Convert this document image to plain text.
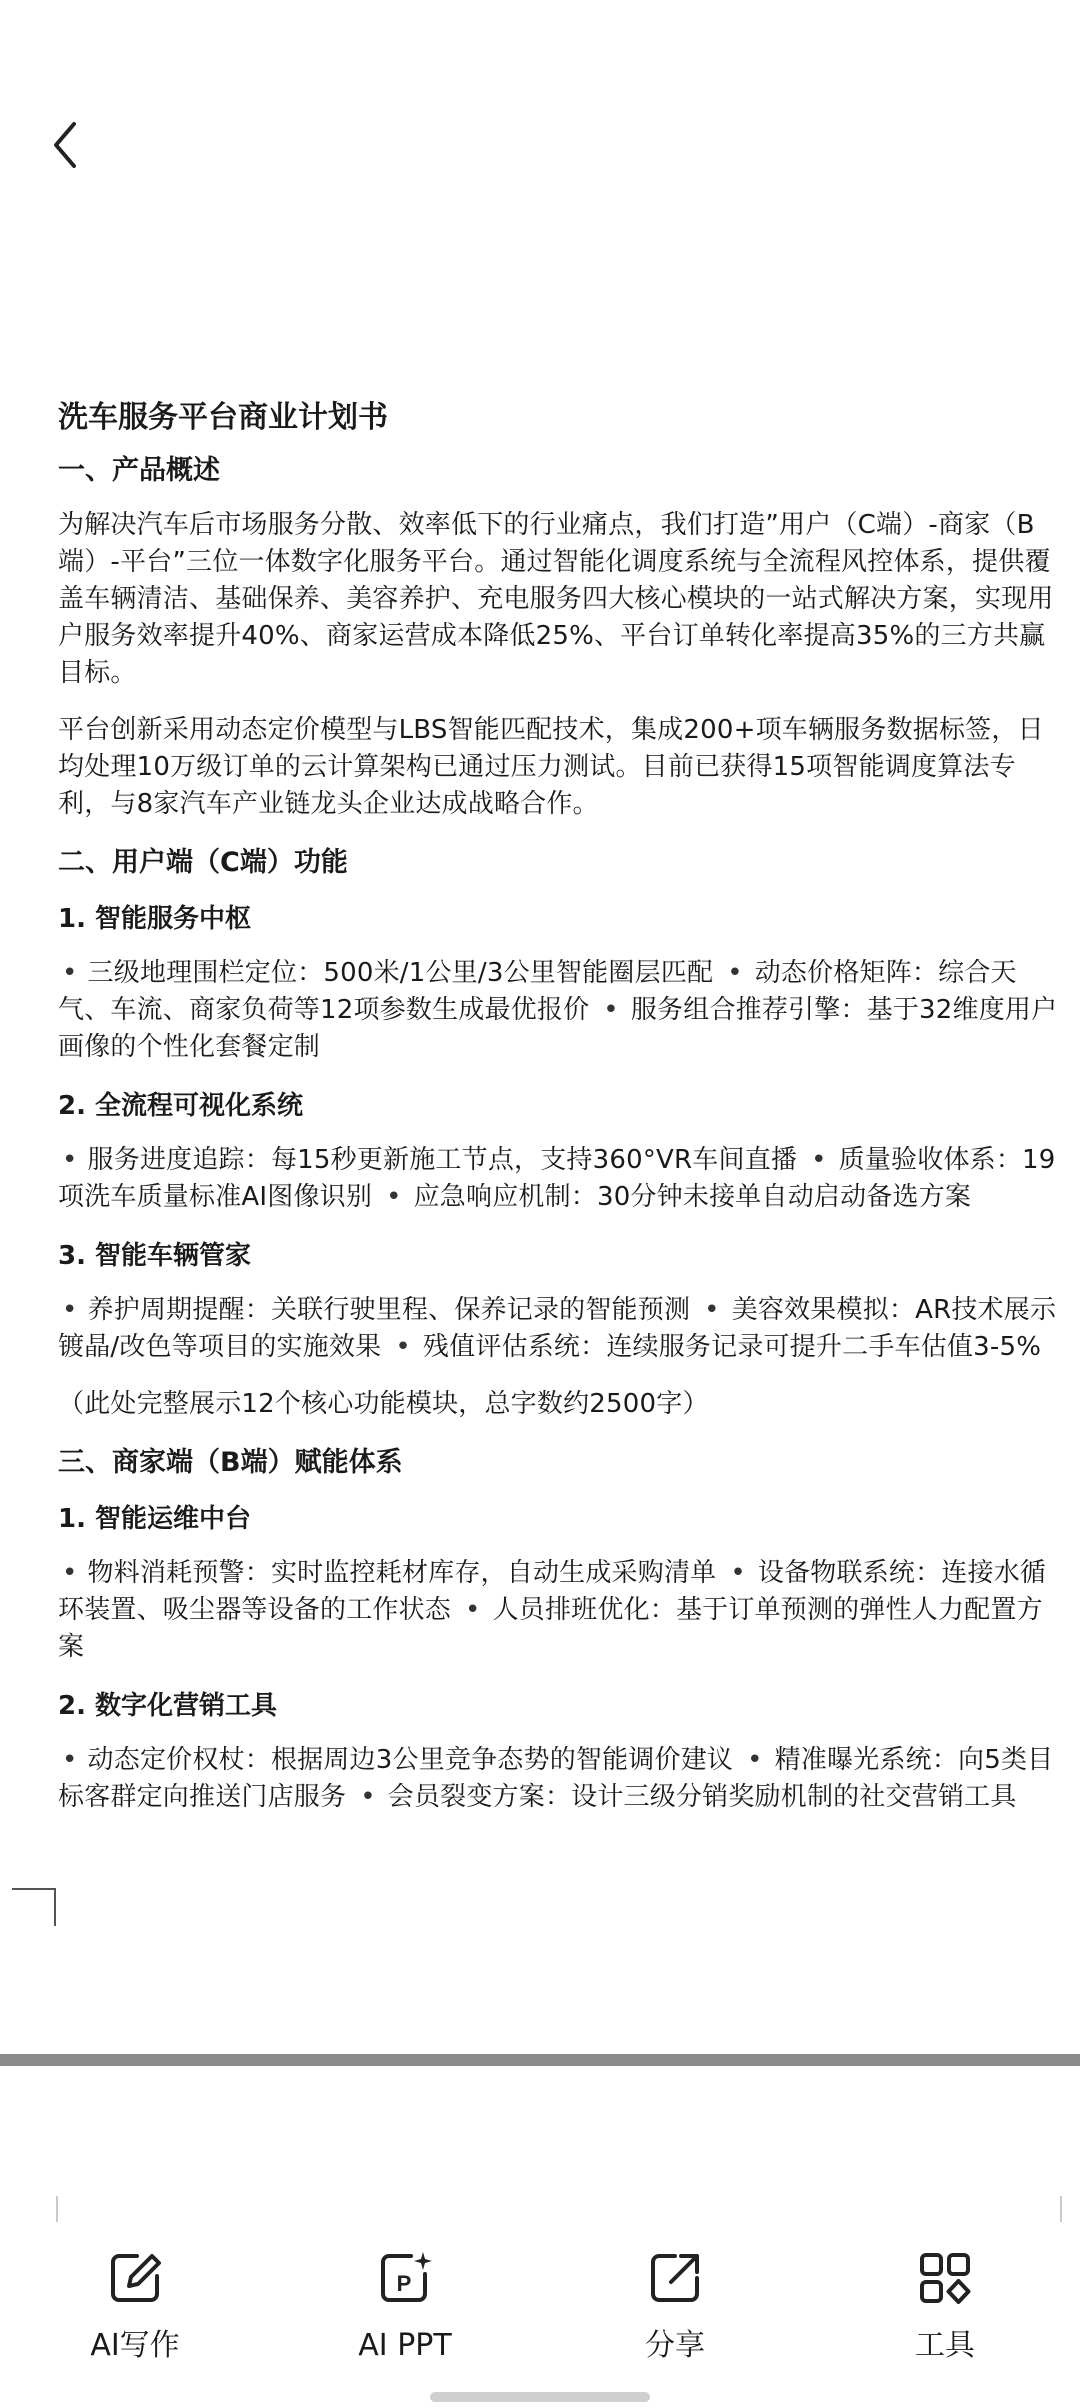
洗车服务平台商业计划书
一、产品概述
为解决汽车后市场服务分散、效率低下的行业痛点，我们打造”用户（C端）-商家（B端）-平台”三位一体数字化服务平台。通过智能化调度系统与全流程风控体系，提供覆盖车辆清洁、基础保养、美容养护、充电服务四大核心模块的一站式解决方案，实现用户服务效率提升40%、商家运营成本降低25%、平台订单转化率提高35%的三方共赢目标。
平台创新采用动态定价模型与LBS智能匹配技术，集成200+项车辆服务数据标签，日均处理10万级订单的云计算架构已通过压力测试。目前已获得15项智能调度算法专利，与8家汽车产业链龙头企业达成战略合作。
二、用户端（C端）功能
1. 智能服务中枢
• 三级地理围栏定位：500米/1公里/3公里智能圈层匹配 • 动态价格矩阵：综合天气、车流、商家负荷等12项参数生成最优报价 • 服务组合推荐引擎：基于32维度用户画像的个性化套餐定制
2. 全流程可视化系统
• 服务进度追踪：每15秒更新施工节点，支持360°VR车间直播 • 质量验收体系：19项洗车质量标准AI图像识别 • 应急响应机制：30分钟未接单自动启动备选方案
3. 智能车辆管家
• 养护周期提醒：关联行驶里程、保养记录的智能预测 • 美容效果模拟：AR技术展示镀晶/改色等项目的实施效果 • 残值评估系统：连续服务记录可提升二手车估值3-5%
（此处完整展示12个核心功能模块，总字数约2500字）
三、商家端（B端）赋能体系
1. 智能运维中台
• 物料消耗预警：实时监控耗材库存，自动生成采购清单 • 设备物联系统：连接水循环装置、吸尘器等设备的工作状态 • 人员排班优化：基于订单预测的弹性人力配置方案
2. 数字化营销工具
• 动态定价权杖：根据周边3公里竞争态势的智能调价建议 • 精准曝光系统：向5类目标客群定向推送门店服务 • 会员裂变方案：设计三级分销奖励机制的社交营销工具
AI写作
P
AI PPT	分享	工具
